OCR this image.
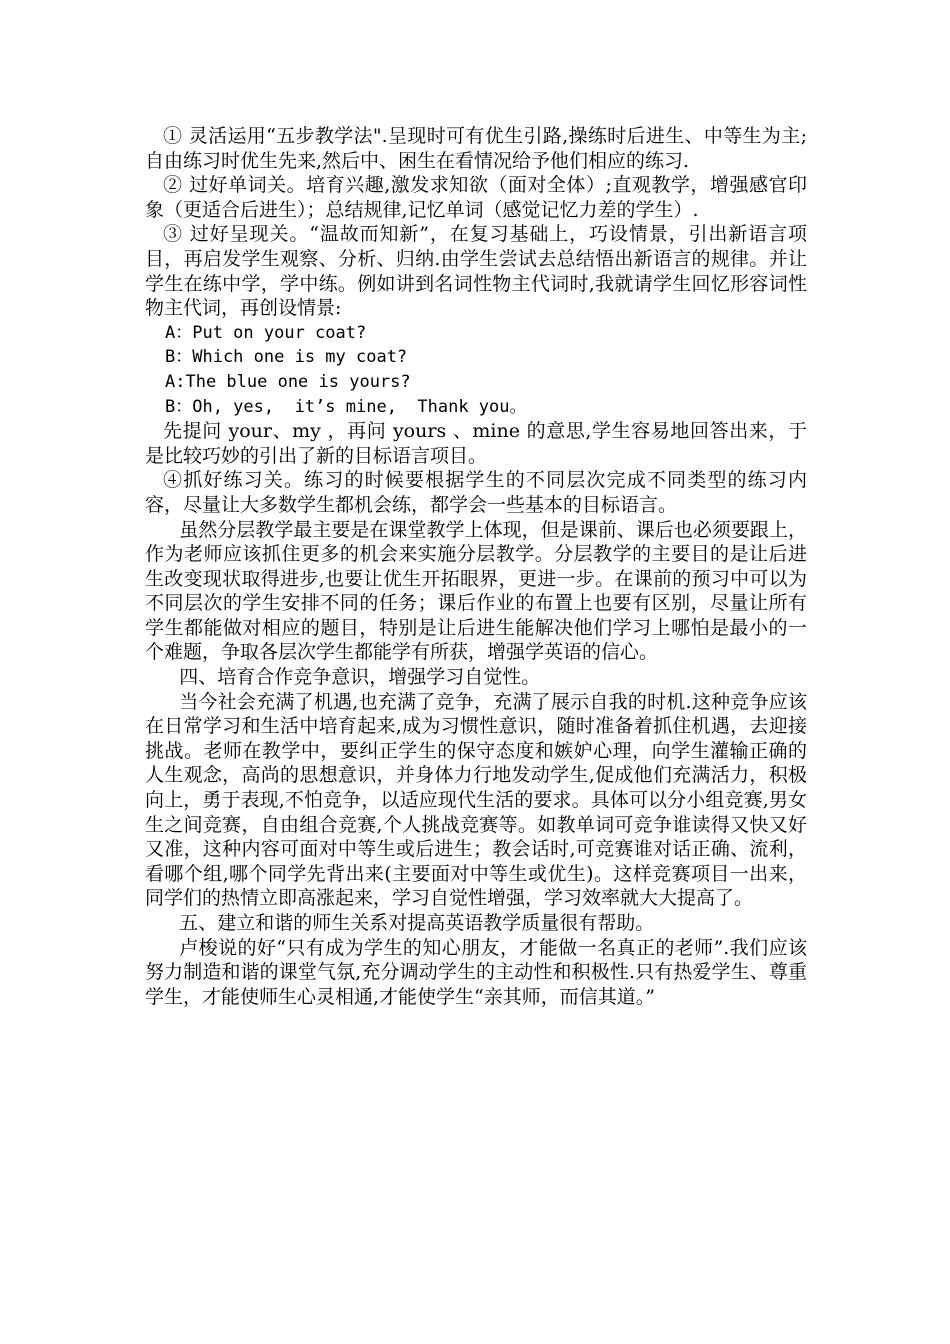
① 灵活运用“五步教学法".呈现时可有优生引路,操练时后进生、中等生为主;自由练习时优生先来,然后中、困生在看情况给予他们相应的练习.

② 过好单词关。培育兴趣,激发求知欲（面对全体）;直观教学，增强感官印象（更适合后进生）；总结规律,记忆单词（感觉记忆力差的学生）.

③ 过好呈现关。“温故而知新”，在复习基础上，巧设情景，引出新语言项目，再启发学生观察、分析、归纳.由学生尝试去总结悟出新语言的规律。并让学生在练中学，学中练。例如讲到名词性物主代词时,我就请学生回忆形容词性物主代词，再创设情景:

A：Put on your coat?

B：Which one is my coat?

A:The blue one is yours?

B：Oh, yes,  it’s mine,  Thank you。

先提问 your、my ，再问 yours 、mine 的意思,学生容易地回答出来，于是比较巧妙的引出了新的目标语言项目。

④抓好练习关。练习的时候要根据学生的不同层次完成不同类型的练习内容，尽量让大多数学生都机会练，都学会一些基本的目标语言。

虽然分层教学最主要是在课堂教学上体现，但是课前、课后也必须要跟上，作为老师应该抓住更多的机会来实施分层教学。分层教学的主要目的是让后进生改变现状取得进步,也要让优生开拓眼界，更进一步。在课前的预习中可以为不同层次的学生安排不同的任务；课后作业的布置上也要有区别，尽量让所有学生都能做对相应的题目，特别是让后进生能解决他们学习上哪怕是最小的一个难题，争取各层次学生都能学有所获，增强学英语的信心。

四、培育合作竞争意识，增强学习自觉性。

当今社会充满了机遇,也充满了竞争，充满了展示自我的时机.这种竞争应该在日常学习和生活中培育起来,成为习惯性意识，随时准备着抓住机遇，去迎接挑战。老师在教学中，要纠正学生的保守态度和嫉妒心理，向学生灌输正确的人生观念，高尚的思想意识，并身体力行地发动学生,促成他们充满活力，积极向上，勇于表现,不怕竞争，以适应现代生活的要求。具体可以分小组竞赛,男女生之间竞赛，自由组合竞赛,个人挑战竞赛等。如教单词可竞争谁读得又快又好又准，这种内容可面对中等生或后进生；教会话时,可竞赛谁对话正确、流利，看哪个组,哪个同学先背出来(主要面对中等生或优生)。这样竞赛项目一出来，同学们的热情立即高涨起来，学习自觉性增强，学习效率就大大提高了。

五、建立和谐的师生关系对提高英语教学质量很有帮助。

卢梭说的好“只有成为学生的知心朋友，才能做一名真正的老师”.我们应该努力制造和谐的课堂气氛,充分调动学生的主动性和积极性.只有热爱学生、尊重学生，才能使师生心灵相通,才能使学生“亲其师，而信其道。”
